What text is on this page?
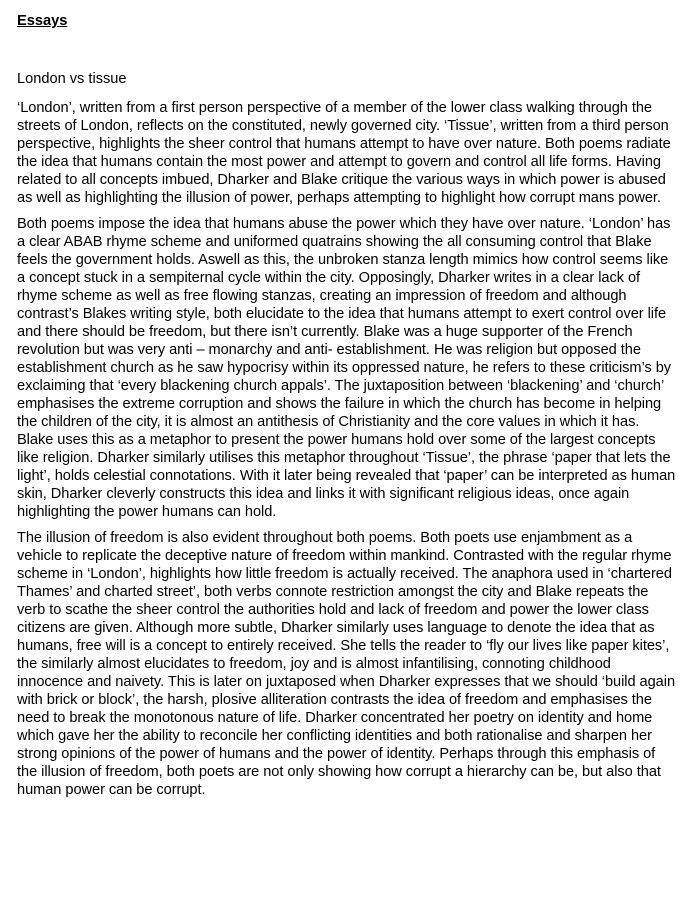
Essays

London vs tissue

‘London’, written from a first person perspective of a member of the lower class walking through the streets of London, reflects on the constituted, newly governed city. ‘Tissue’, written from a third person perspective, highlights the sheer control that humans attempt to have over nature. Both poems radiate the idea that humans contain the most power and attempt to govern and control all life forms. Having related to all concepts imbued, Dharker and Blake critique the various ways in which power is abused as well as highlighting the illusion of power, perhaps attempting to highlight how corrupt mans power.

Both poems impose the idea that humans abuse the power which they have over nature. ‘London’ has a clear ABAB rhyme scheme and uniformed quatrains showing the all consuming control that Blake feels the government holds. Aswell as this, the unbroken stanza length mimics how control seems like a concept stuck in a sempiternal cycle within the city. Opposingly, Dharker writes in a clear lack of rhyme scheme as well as free flowing stanzas, creating an impression of freedom and although contrast’s Blakes writing style, both elucidate to the idea that humans attempt to exert control over life and there should be freedom, but there isn’t currently. Blake was a huge supporter of the French revolution but was very anti – monarchy and anti- establishment. He was religion but opposed the establishment church as he saw hypocrisy within its oppressed nature, he refers to these criticism’s by exclaiming that ‘every blackening church appals’. The juxtaposition between ‘blackening’ and ‘church’ emphasises the extreme corruption and shows the failure in which the church has become in helping the children of the city, it is almost an antithesis of Christianity and the core values in which it has. Blake uses this as a metaphor to present the power humans hold over some of the largest concepts like religion. Dharker similarly utilises this metaphor throughout ‘Tissue’, the phrase ‘paper that lets the light’, holds celestial connotations. With it later being revealed that ‘paper’ can be interpreted as human skin, Dharker cleverly constructs this idea and links it with significant religious ideas, once again highlighting the power humans can hold.

The illusion of freedom is also evident throughout both poems. Both poets use enjambment as a vehicle to replicate the deceptive nature of freedom within mankind. Contrasted with the regular rhyme scheme in ‘London’, highlights how little freedom is actually received. The anaphora used in ‘chartered Thames’ and charted street’, both verbs connote restriction amongst the city and Blake repeats the verb to scathe the sheer control the authorities hold and lack of freedom and power the lower class citizens are given. Although more subtle, Dharker similarly uses language to denote the idea that as humans, free will is a concept to entirely received. She tells the reader to ‘fly our lives like paper kites’, the similarly almost elucidates to freedom, joy and is almost infantilising, connoting childhood innocence and naivety. This is later on juxtaposed when Dharker expresses that we should ‘build again with brick or block’, the harsh, plosive alliteration contrasts the idea of freedom and emphasises the need to break the monotonous nature of life. Dharker concentrated her poetry on identity and home which gave her the ability to reconcile her conflicting identities and both rationalise and sharpen her strong opinions of the power of humans and the power of identity. Perhaps through this emphasis of the illusion of freedom, both poets are not only showing how corrupt a hierarchy can be, but also that human power can be corrupt.
